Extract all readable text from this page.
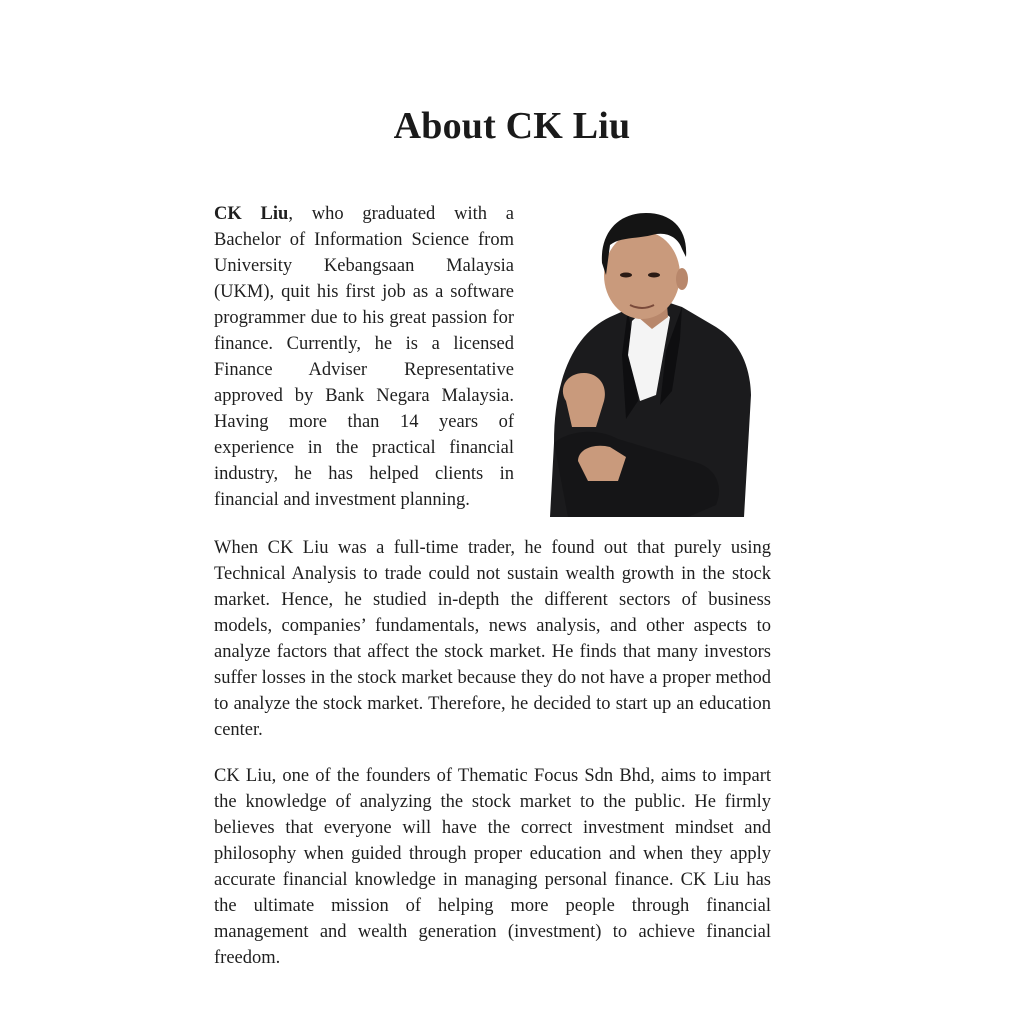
About CK Liu

CK Liu, who graduated with a Bachelor of Information Science from University Kebangsaan Malaysia (UKM), quit his first job as a software programmer due to his great passion for finance. Currently, he is a licensed Finance Adviser Representative approved by Bank Negara Malaysia. Having more than 14 years of experience in the practical financial industry, he has helped clients in financial and investment planning.

When CK Liu was a full-time trader, he found out that purely using Technical Analysis to trade could not sustain wealth growth in the stock market. Hence, he studied in-depth the different sectors of business models, companies’ fundamentals, news analysis, and other aspects to analyze factors that affect the stock market. He finds that many investors suffer losses in the stock market because they do not have a proper method to analyze the stock market. Therefore, he decided to start up an education center.

CK Liu, one of the founders of Thematic Focus Sdn Bhd, aims to impart the knowledge of analyzing the stock market to the public. He firmly believes that everyone will have the correct investment mindset and philosophy when guided through proper education and when they apply accurate financial knowledge in managing personal finance. CK Liu has the ultimate mission of helping more people through financial management and wealth generation (investment) to achieve financial freedom.
